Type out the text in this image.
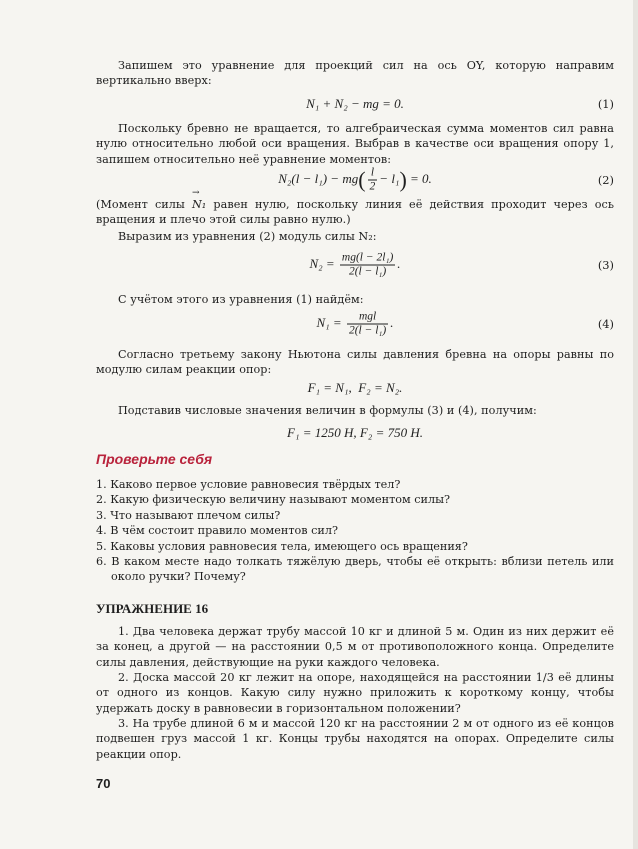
Запишем это уравнение для проекций сил на ось OY, которую направим вертикально вверх:

N₁ + N₂ − mg = 0.	(1)

Поскольку бревно не вращается, то алгебраическая сумма моментов сил равна нулю относительно любой оси вращения. Выбрав в качестве оси вращения опору 1, запишем относительно неё уравнение моментов:

$N_2(l - l_1) - mg( \frac{l}{2} - l_1) = 0$.	(2)

(Момент силы → N₁ равен нулю, поскольку линия её действия проходит через ось вращения и плечо этой силы равно нулю.)

Выразим из уравнения (2) модуль силы N₂:

$N_2 = \frac{\text{mg(l − 2l₁)}}{\text{2(l − l₁)}}$ .	(3)

С учётом этого из уравнения (1) найдём:

$N_1 = \frac{\text{mgl}}{\text{2(l − l₁)}}$ .	(4)

Согласно третьему закону Ньютона силы давления бревна на опоры равны по модулю силам реакции опор:

F₁ = N₁,  F₂ = N₂.

Подставив числовые значения величин в формулы (3) и (4), получим:

F₁ = 1250 Н, F₂ = 750 Н.
Проверьте себя
1. Каково первое условие равновесия твёрдых тел?
2. Какую физическую величину называют моментом силы?
3. Что называют плечом силы?
4. В чём состоит правило моментов сил?
5. Каковы условия равновесия тела, имеющего ось вращения?
6. В каком месте надо толкать тяжёлую дверь, чтобы её открыть: вблизи петель или около ручки? Почему?
УПРАЖНЕНИЕ 16

1. Два человека держат трубу массой 10 кг и длиной 5 м. Один из них держит её за конец, а другой — на расстоянии 0,5 м от противоположного конца. Определите силы давления, действующие на руки каждого человека.

2. Доска массой 20 кг лежит на опоре, находящейся на расстоянии 1/3 её длины от одного из концов. Какую силу нужно приложить к короткому концу, чтобы удержать доску в равновесии в горизонтальном положении?

3. На трубе длиной 6 м и массой 120 кг на расстоянии 2 м от одного из её концов подвешен груз массой 1 кг. Концы трубы находятся на опорах. Определите силы реакции опор.

70
